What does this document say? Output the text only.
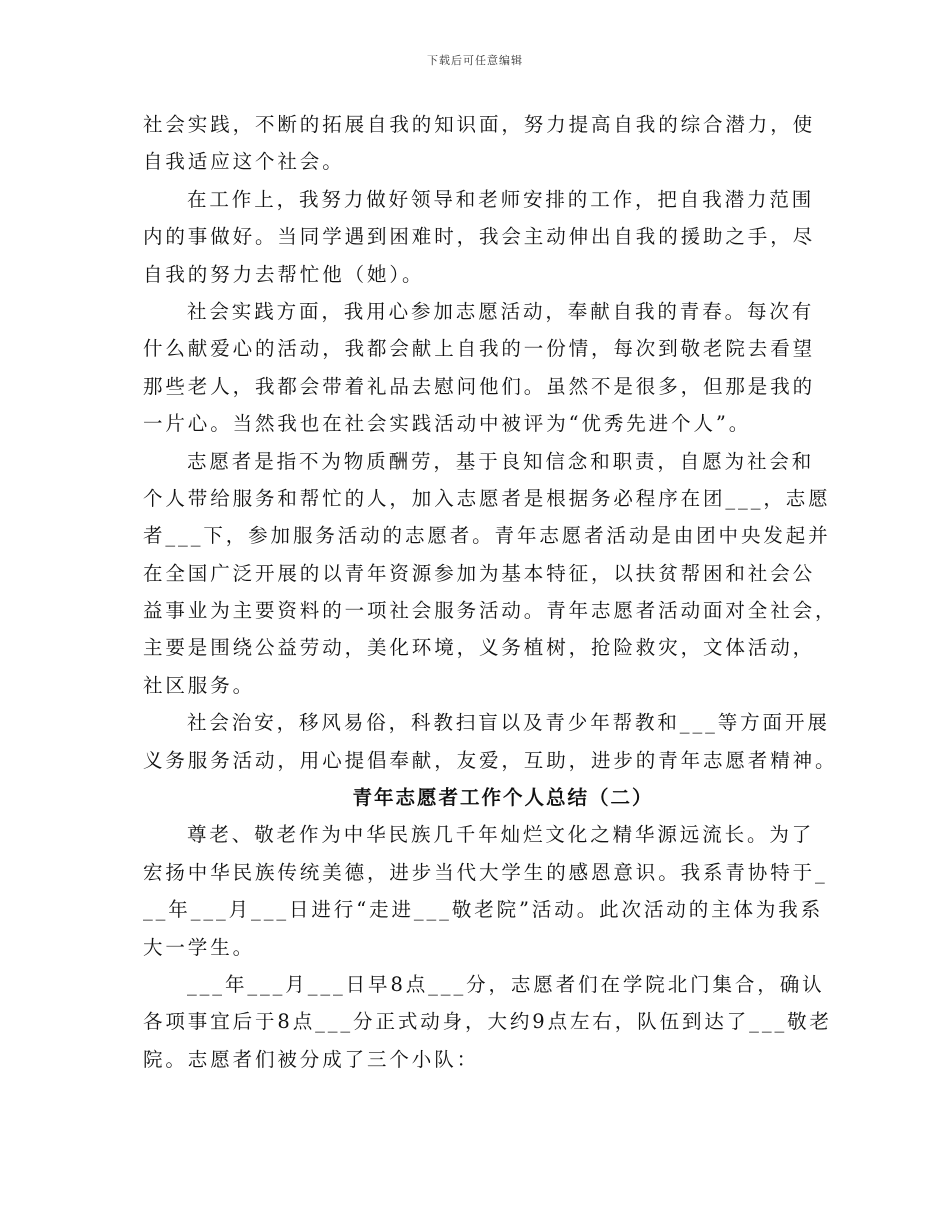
下载后可任意编辑
社会实践，不断的拓展自我的知识面，努力提高自我的综合潜力，使
自我适应这个社会。
在工作上，我努力做好领导和老师安排的工作，把自我潜力范围
内的事做好。当同学遇到困难时，我会主动伸出自我的援助之手，尽
自我的努力去帮忙他（她）。
社会实践方面，我用心参加志愿活动，奉献自我的青春。每次有
什么献爱心的活动，我都会献上自我的一份情，每次到敬老院去看望
那些老人，我都会带着礼品去慰问他们。虽然不是很多，但那是我的
一片心。当然我也在社会实践活动中被评为“优秀先进个人”。
志愿者是指不为物质酬劳，基于良知信念和职责，自愿为社会和
个人带给服务和帮忙的人，加入志愿者是根据务必程序在团___，志愿
者___下，参加服务活动的志愿者。青年志愿者活动是由团中央发起并
在全国广泛开展的以青年资源参加为基本特征，以扶贫帮困和社会公
益事业为主要资料的一项社会服务活动。青年志愿者活动面对全社会，
主要是围绕公益劳动，美化环境，义务植树，抢险救灾，文体活动，
社区服务。
社会治安，移风易俗，科教扫盲以及青少年帮教和___等方面开展
义务服务活动，用心提倡奉献，友爱，互助，进步的青年志愿者精神。
青年志愿者工作个人总结（二）
尊老、敬老作为中华民族几千年灿烂文化之精华源远流长。为了
宏扬中华民族传统美德，进步当代大学生的感恩意识。我系青协特于_
__年___月___日进行“走进___敬老院”活动。此次活动的主体为我系
大一学生。
___年___月___日早8点___分，志愿者们在学院北门集合，确认
各项事宜后于8点___分正式动身，大约9点左右，队伍到达了___敬老
院。志愿者们被分成了三个小队：
